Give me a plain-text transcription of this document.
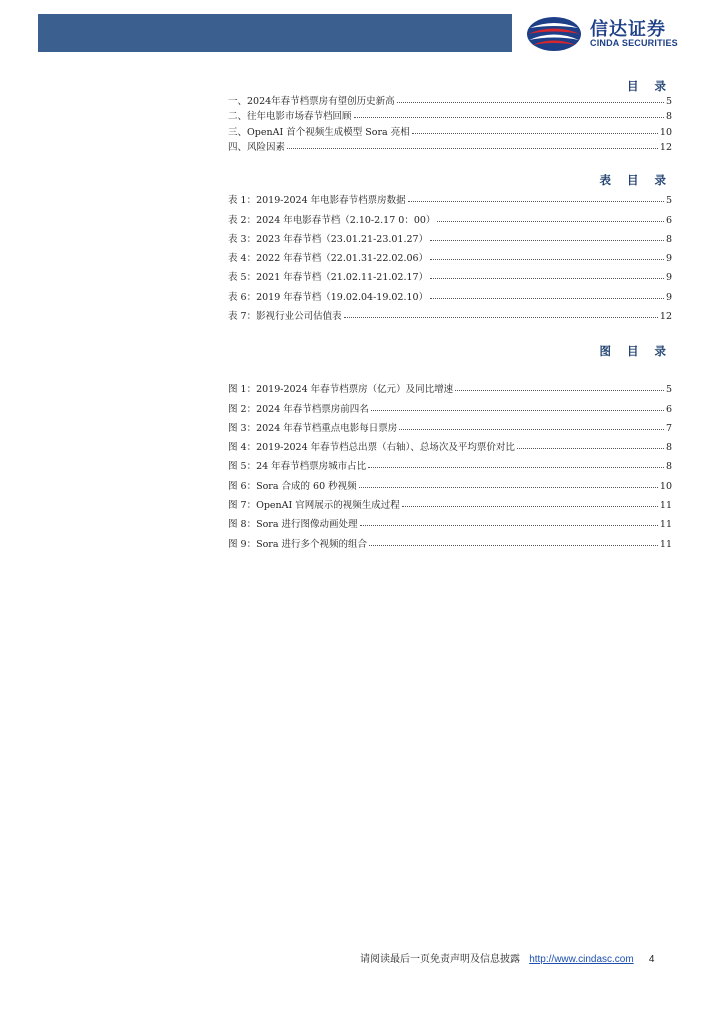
信达证券
CINDA SECURITIES
目 录
一、2024年春节档票房有望创历史新高	5
二、往年电影市场春节档回顾	8
三、OpenAI 首个视频生成模型 Sora 亮相	10
四、风险因素	12
表 目 录
表 1：2019-2024 年电影春节档票房数据	5
表 2：2024 年电影春节档（2.10-2.17 0：00）	6
表 3：2023 年春节档（23.01.21-23.01.27）	8
表 4：2022 年春节档（22.01.31-22.02.06）	9
表 5：2021 年春节档（21.02.11-21.02.17）	9
表 6：2019 年春节档（19.02.04-19.02.10）	9
表 7：影视行业公司估值表	12
图 目 录
图 1：2019-2024 年春节档票房（亿元）及同比增速	5
图 2：2024 年春节档票房前四名	6
图 3：2024 年春节档重点电影每日票房	7
图 4：2019-2024 年春节档总出票（右轴）、总场次及平均票价对比	8
图 5：24 年春节档票房城市占比	8
图 6：Sora 合成的 60 秒视频	10
图 7：OpenAI 官网展示的视频生成过程	11
图 8：Sora 进行图像动画处理	11
图 9：Sora 进行多个视频的组合	11
请阅读最后一页免责声明及信息披露 http://www.cindasc.com 4
